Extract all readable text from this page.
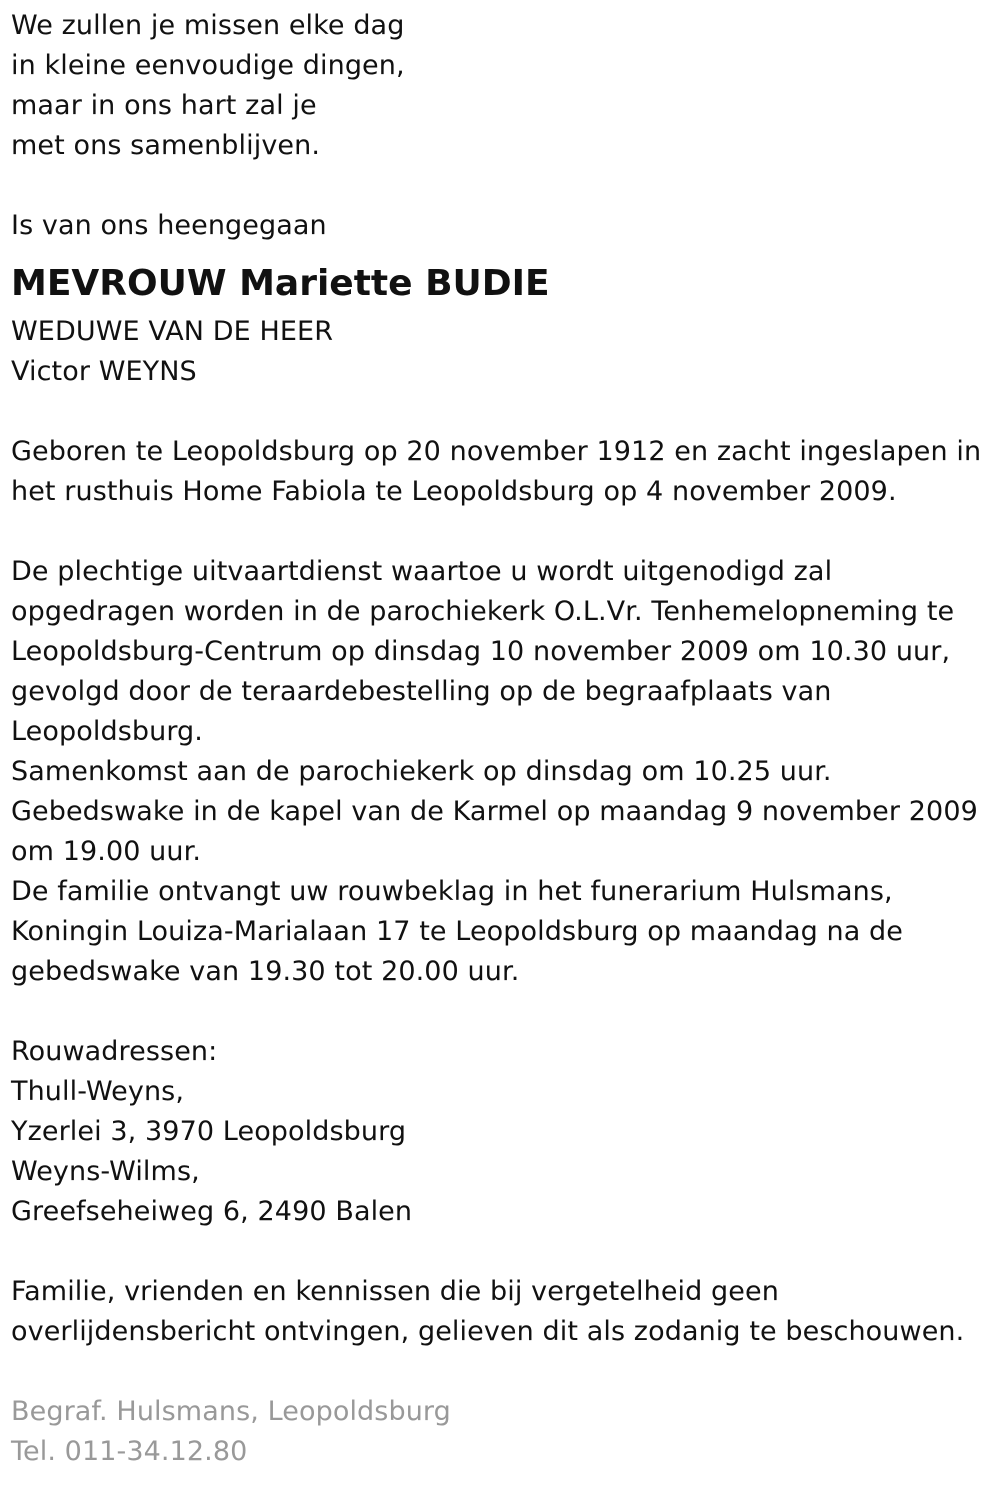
We zullen je missen elke dag
in kleine eenvoudige dingen,
maar in ons hart zal je
met ons samenblijven.
Is van ons heengegaan
MEVROUW Mariette BUDIE
WEDUWE VAN DE HEER
Victor WEYNS
Geboren te Leopoldsburg op 20 november 1912 en zacht ingeslapen in
het rusthuis Home Fabiola te Leopoldsburg op 4 november 2009.
De plechtige uitvaartdienst waartoe u wordt uitgenodigd zal
opgedragen worden in de parochiekerk O.L.Vr. Tenhemelopneming te
Leopoldsburg-Centrum op dinsdag 10 november 2009 om 10.30 uur,
gevolgd door de teraardebestelling op de begraafplaats van
Leopoldsburg.
Samenkomst aan de parochiekerk op dinsdag om 10.25 uur.
Gebedswake in de kapel van de Karmel op maandag 9 november 2009
om 19.00 uur.
De familie ontvangt uw rouwbeklag in het funerarium Hulsmans,
Koningin Louiza-Marialaan 17 te Leopoldsburg op maandag na de
gebedswake van 19.30 tot 20.00 uur.
Rouwadressen:
Thull-Weyns,
Yzerlei 3, 3970 Leopoldsburg
Weyns-Wilms,
Greefseheiweg 6, 2490 Balen
Familie, vrienden en kennissen die bij vergetelheid geen
overlijdensbericht ontvingen, gelieven dit als zodanig te beschouwen.
Begraf. Hulsmans, Leopoldsburg
Tel. 011-34.12.80
